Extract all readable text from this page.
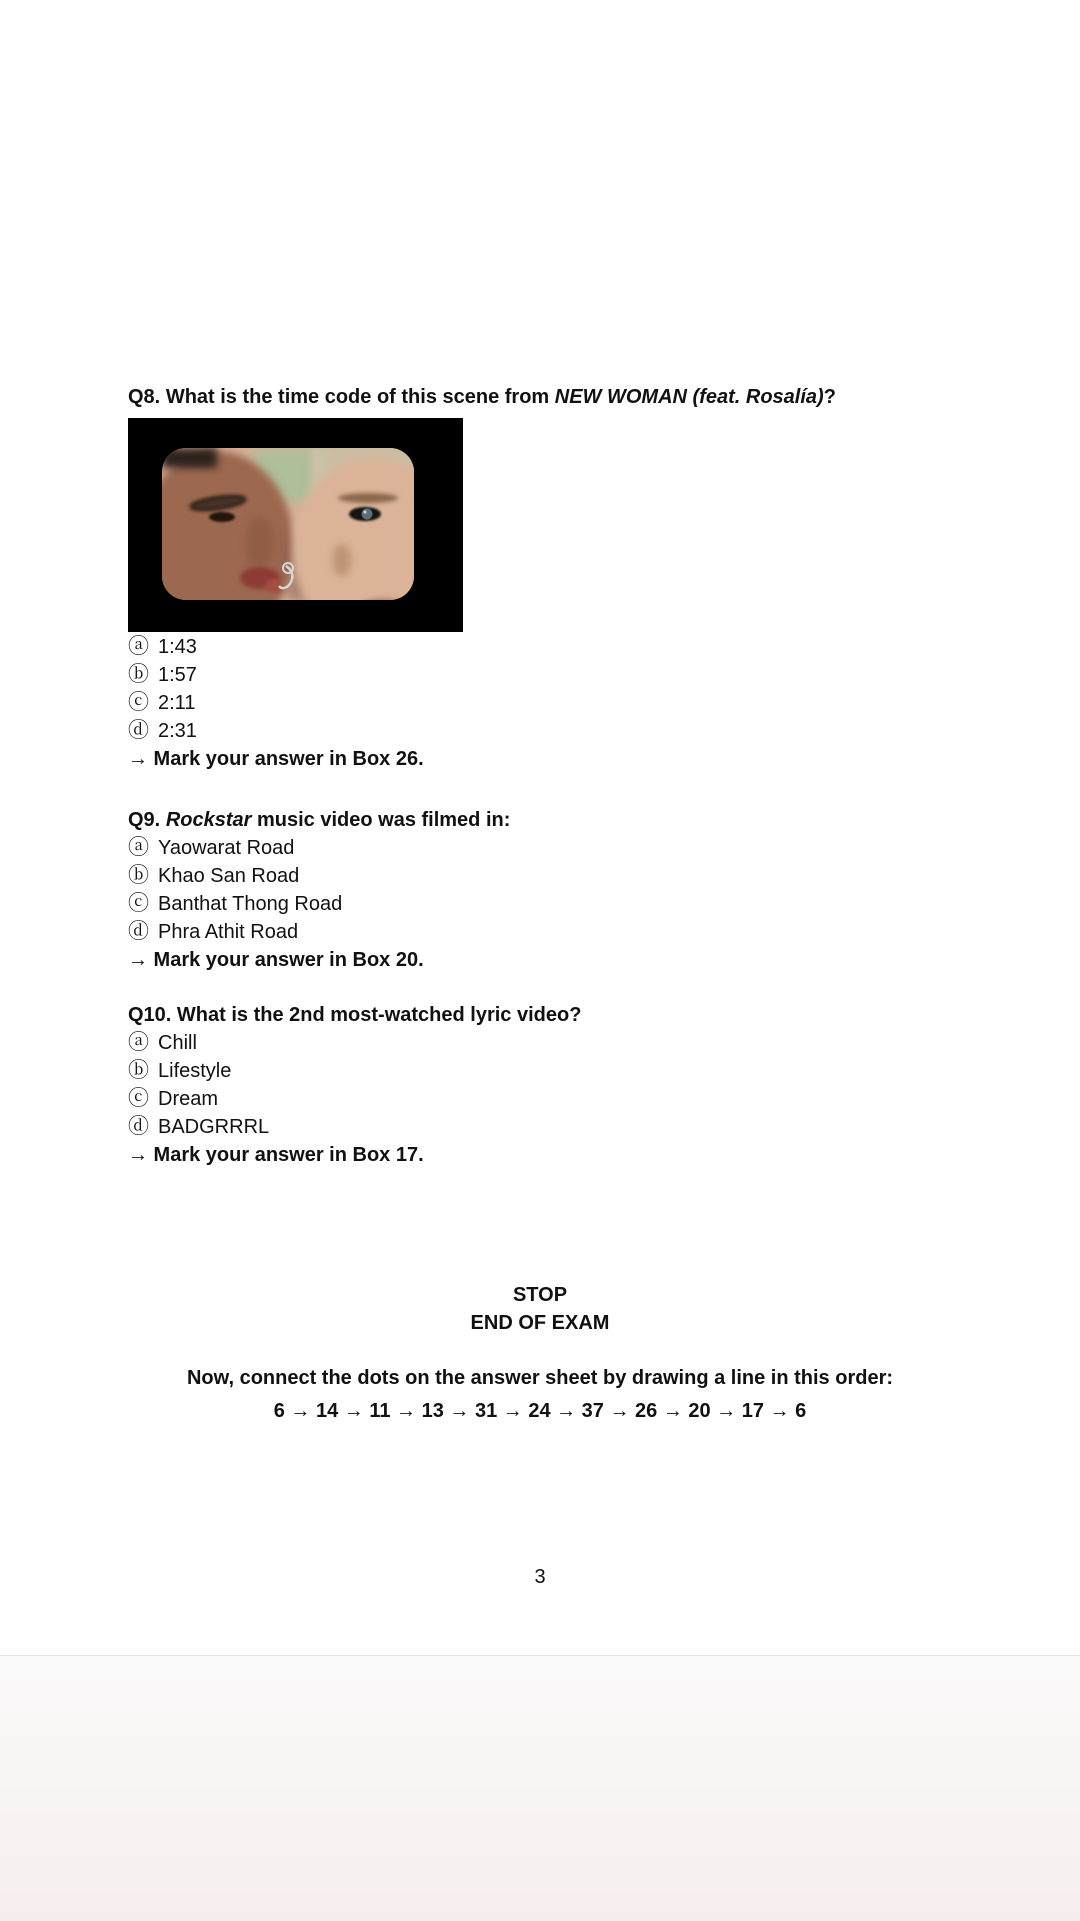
Q8. What is the time code of this scene from NEW WOMAN (feat. Rosalía)?
ⓐ 1:43
ⓑ 1:57
ⓒ 2:11
ⓓ 2:31
→ Mark your answer in Box 26.
Q9. Rockstar music video was filmed in:
ⓐ Yaowarat Road
ⓑ Khao San Road
ⓒ Banthat Thong Road
ⓓ Phra Athit Road
→ Mark your answer in Box 20.
Q10. What is the 2nd most-watched lyric video?
ⓐ Chill
ⓑ Lifestyle
ⓒ Dream
ⓓ BADGRRRL
→ Mark your answer in Box 17.
STOP
END OF EXAM
Now, connect the dots on the answer sheet by drawing a line in this order:
6 → 14 → 11 → 13 → 31 → 24 → 37 → 26 → 20 → 17 → 6
3
